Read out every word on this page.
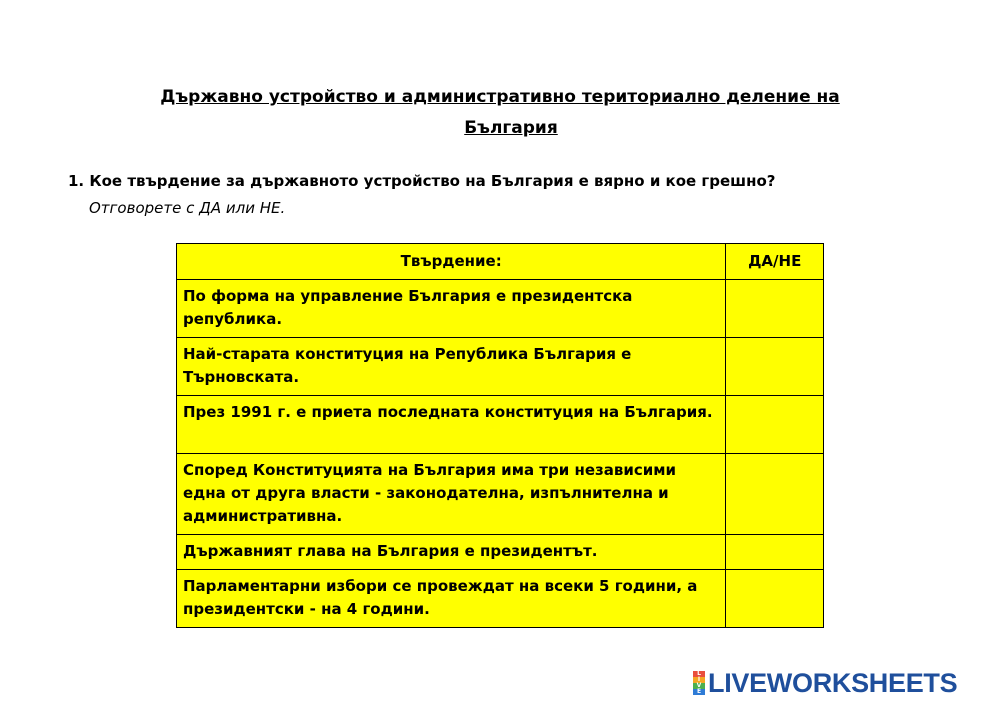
Държавно устройство и административно териториално деление на
България
1. Кое твърдение за държавното устройство на България е вярно и кое грешно?
Отговорете с ДА или НЕ.
Твърдение:	ДА/НЕ
По форма на управление България е президентска република.	
Най-старата конституция на Република България е Търновската.	
През 1991 г. е приета последната конституция на България.	
Според Конституцията на България има три независими една от друга власти - законодателна, изпълнителна и административна.	
Държавният глава на България е президентът.	
Парламентарни избори се провеждат на всеки 5 години, а президентски - на 4 години.	
L
I
V
E LIVEWORKSHEETS
